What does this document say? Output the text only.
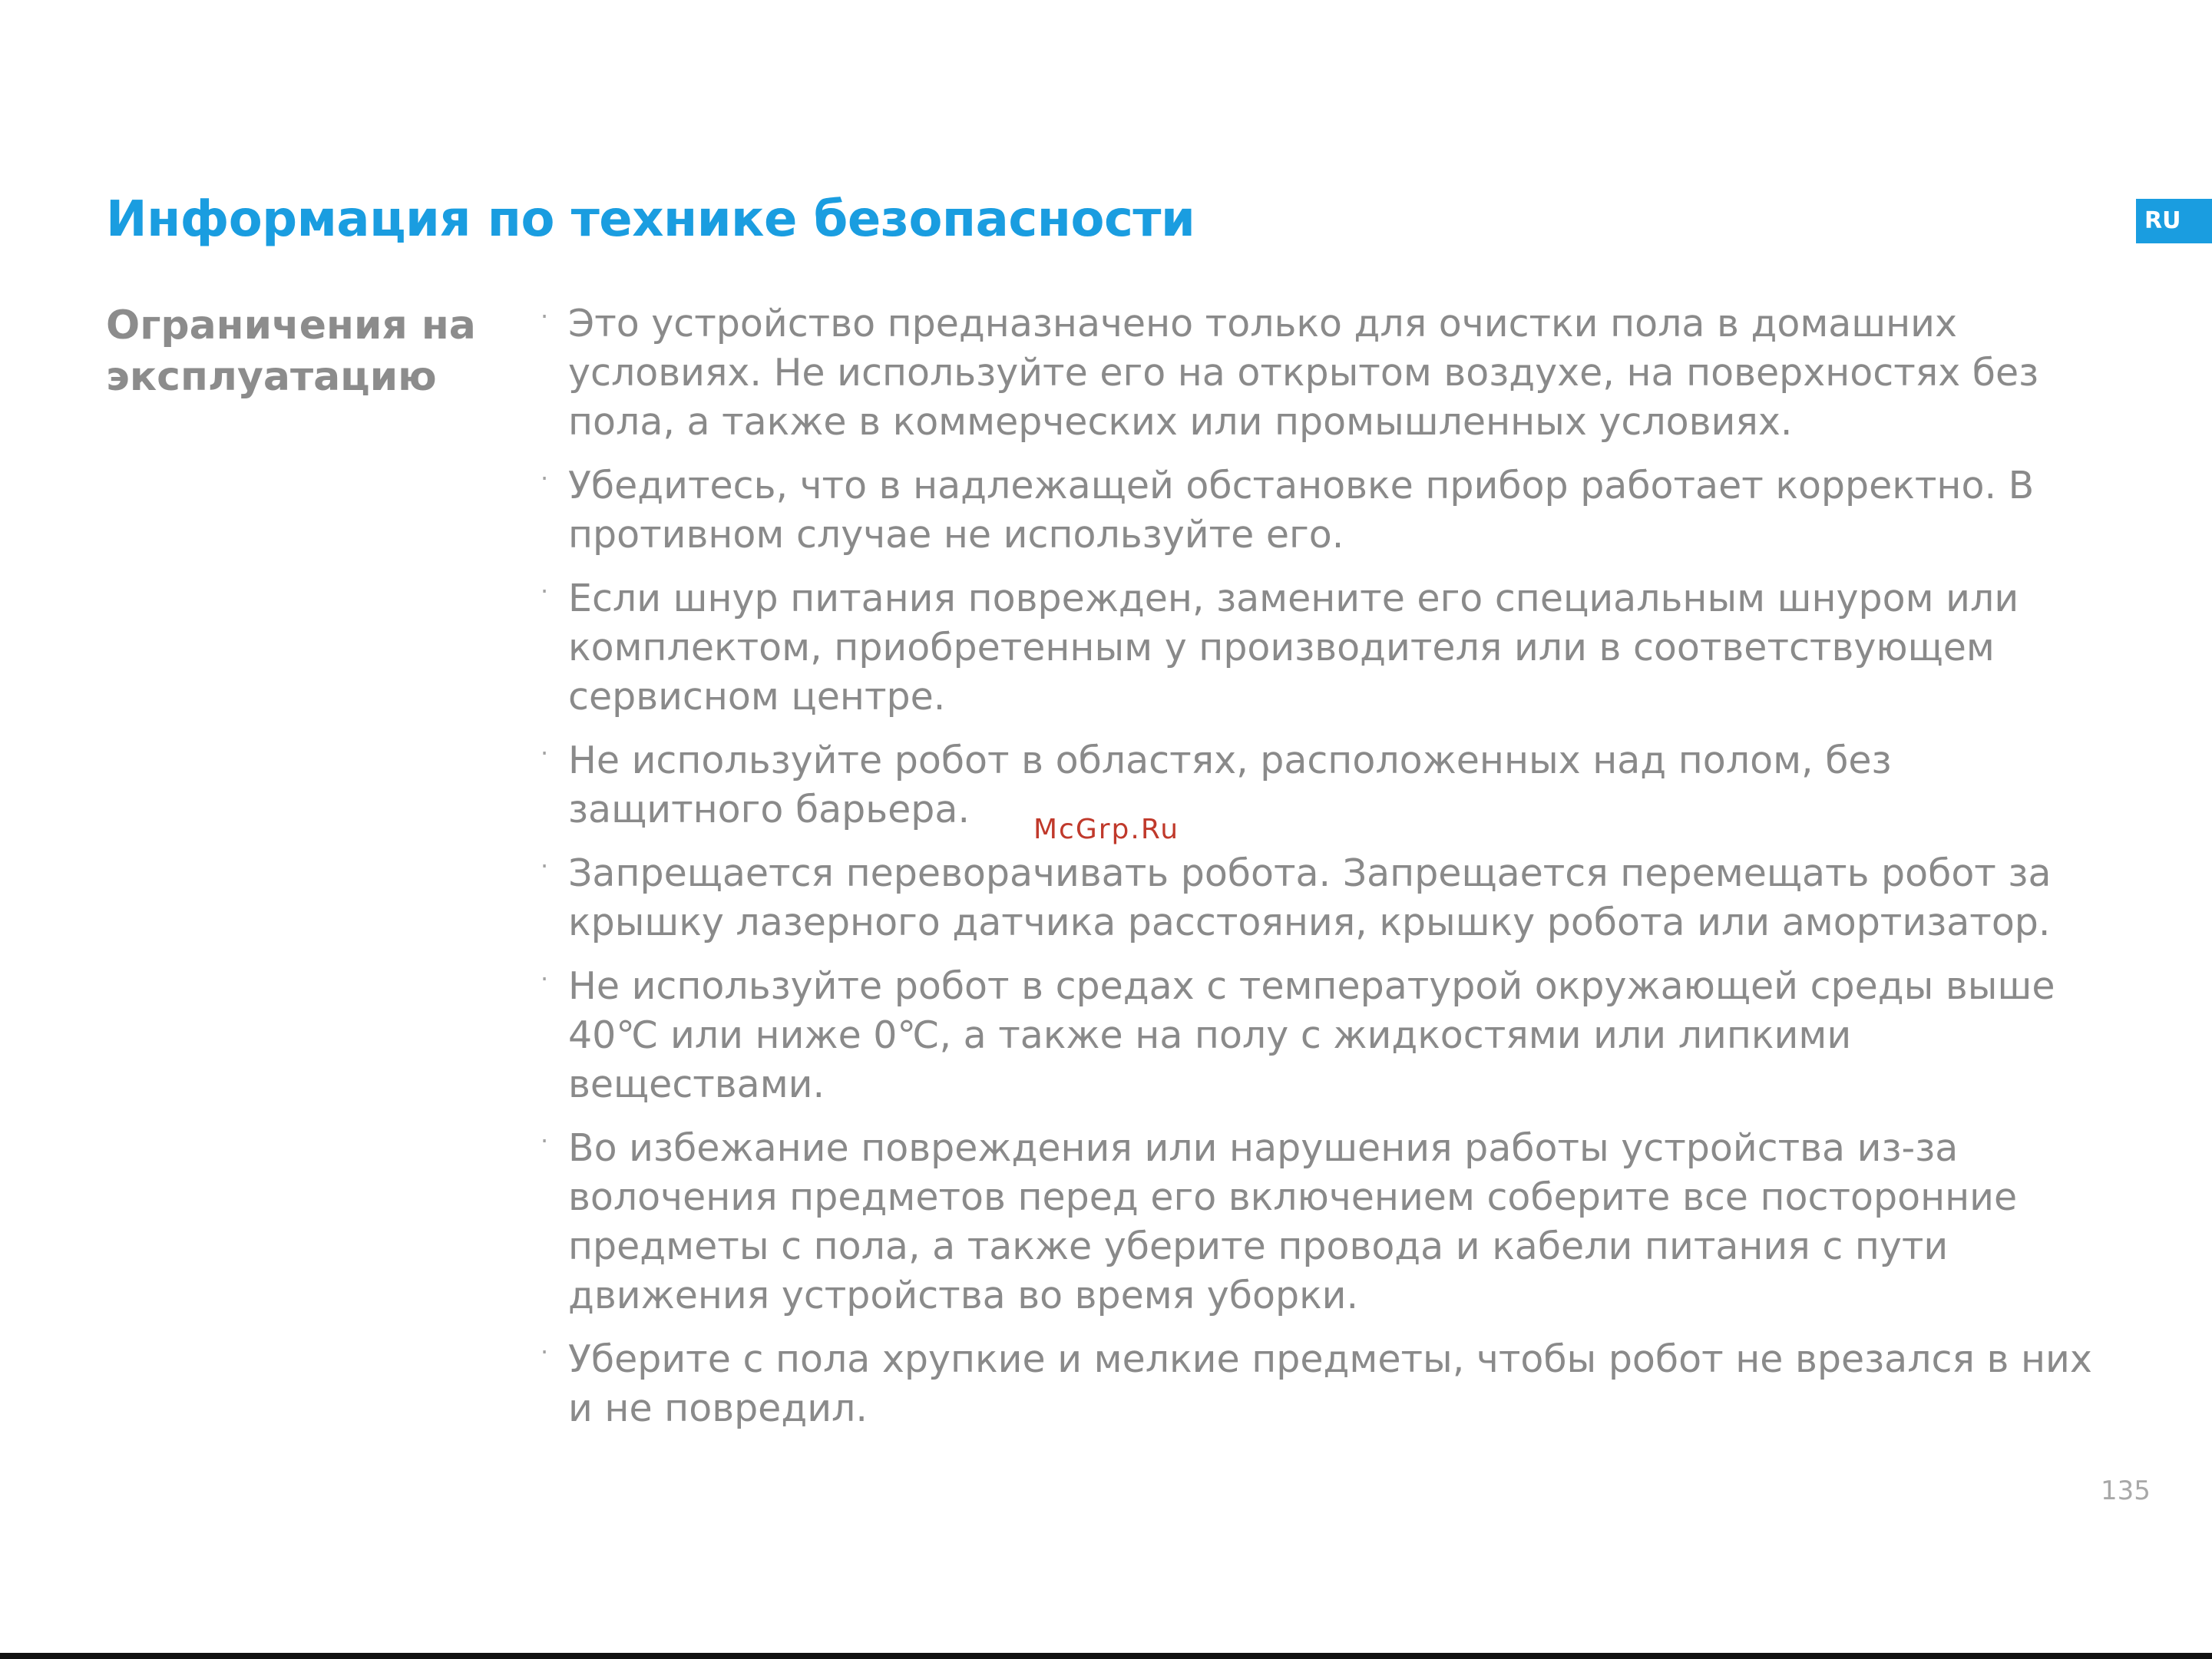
Информация по технике безопасности	RU
Ограничения на эксплуатацию
· Это устройство предназначено только для очистки пола в домашних условиях. Не используйте его на открытом воздухе, на поверхностях без пола, а также в коммерческих или промышленных условиях.
· Убедитесь, что в надлежащей обстановке прибор работает корректно. В противном случае не используйте его.
· Если шнур питания поврежден, замените его специальным шнуром или комплектом, приобретенным у производителя или в соответствующем сервисном центре.
· Не используйте робот в областях, расположенных над полом, без защитного барьера.
· Запрещается переворачивать робота. Запрещается перемещать робот за крышку лазерного датчика расстояния, крышку робота или амортизатор.
· Не используйте робот в средах с температурой окружающей среды выше 40℃ или ниже 0℃, а также на полу с жидкостями или липкими веществами.
· Во избежание повреждения или нарушения работы устройства из-за волочения предметов перед его включением соберите все посторонние предметы с пола, а также уберите провода и кабели питания с пути движения устройства во время уборки.
· Уберите с пола хрупкие и мелкие предметы, чтобы робот не врезался в них и не повредил.
McGrp.Ru
135
